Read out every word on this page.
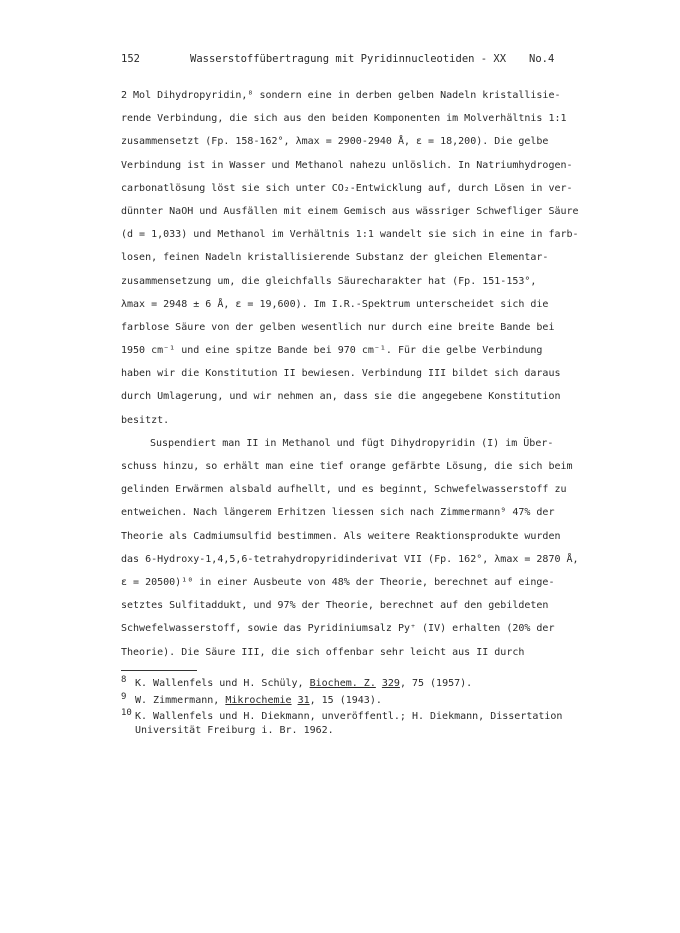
152	Wasserstoffübertragung mit Pyridinnucleotiden - XX No.4
2 Mol Dihydropyridin,⁸ sondern eine in derben gelben Nadeln kristallisie-
rende Verbindung, die sich aus den beiden Komponenten im Molverhältnis 1:1
zusammensetzt (Fp. 158-162°, λmax = 2900-2940 Å, ε = 18,200). Die gelbe
Verbindung ist in Wasser und Methanol nahezu unlöslich. In Natriumhydrogen-
carbonatlösung löst sie sich unter CO₂-Entwicklung auf, durch Lösen in ver-
dünnter NaOH und Ausfällen mit einem Gemisch aus wässriger Schwefliger Säure
(d = 1,033) und Methanol im Verhältnis 1:1 wandelt sie sich in eine in farb-
losen, feinen Nadeln kristallisierende Substanz der gleichen Elementar-
zusammensetzung um, die gleichfalls Säurecharakter hat (Fp. 151-153°,
λmax = 2948 ± 6 Å, ε = 19,600). Im I.R.-Spektrum unterscheidet sich die
farblose Säure von der gelben wesentlich nur durch eine breite Bande bei
1950 cm⁻¹ und eine spitze Bande bei 970 cm⁻¹. Für die gelbe Verbindung
haben wir die Konstitution II bewiesen. Verbindung III bildet sich daraus
durch Umlagerung, und wir nehmen an, dass sie die angegebene Konstitution
besitzt.
Suspendiert man II in Methanol und fügt Dihydropyridin (I) im Über-
schuss hinzu, so erhält man eine tief orange gefärbte Lösung, die sich beim
gelinden Erwärmen alsbald aufhellt, und es beginnt, Schwefelwasserstoff zu
entweichen. Nach längerem Erhitzen liessen sich nach Zimmermann⁹ 47% der
Theorie als Cadmiumsulfid bestimmen. Als weitere Reaktionsprodukte wurden
das 6-Hydroxy-1,4,5,6-tetrahydropyridinderivat VII (Fp. 162°, λmax = 2870 Å,
ε = 20500)¹⁰ in einer Ausbeute von 48% der Theorie, berechnet auf einge-
setztes Sulfitaddukt, und 97% der Theorie, berechnet auf den gebildeten
Schwefelwasserstoff, sowie das Pyridiniumsalz Py⁺ (IV) erhalten (20% der
Theorie). Die Säure III, die sich offenbar sehr leicht aus II durch
8 K. Wallenfels und H. Schüly, Biochem. Z. 329, 75 (1957).
9 W. Zimmermann, Mikrochemie 31, 15 (1943).
10 K. Wallenfels und H. Diekmann, unveröffentl.; H. Diekmann, Dissertation
Universität Freiburg i. Br. 1962.
